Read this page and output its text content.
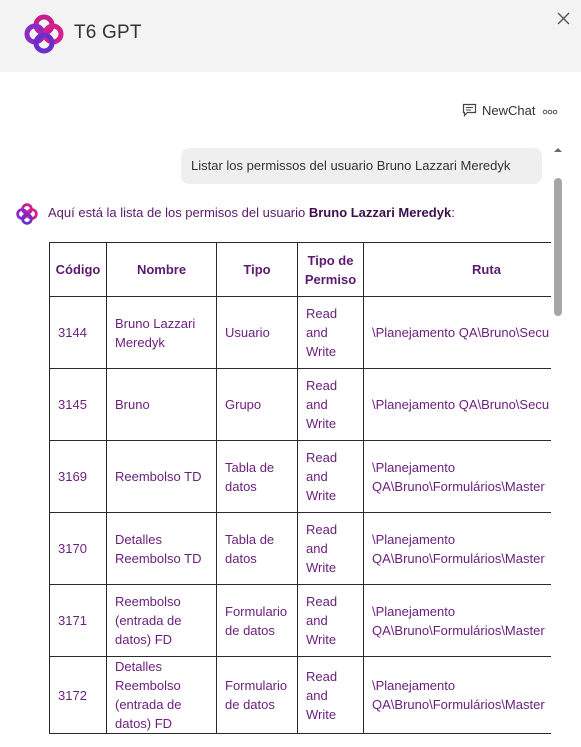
T6 GPT
NewChat
Listar los permissos del usuario Bruno Lazzari Meredyk
Aquí está la lista de los permisos del usuario Bruno Lazzari Meredyk:
Código	Nombre	Tipo	Tipo de Permiso	Ruta
3144	Bruno Lazzari Meredyk	Usuario	Read and Write	\Planejamento QA\Bruno\Secu
3145	Bruno	Grupo	Read and Write	\Planejamento QA\Bruno\Secu
3169	Reembolso TD	Tabla de datos	Read and Write	\Planejamento QA\Bruno\Formulários\Master
3170	Detalles Reembolso TD	Tabla de datos	Read and Write	\Planejamento QA\Bruno\Formulários\Master
3171	Reembolso (entrada de datos) FD	Formulario de datos	Read and Write	\Planejamento QA\Bruno\Formulários\Master
3172	Detalles Reembolso (entrada de datos) FD	Formulario de datos	Read and Write	\Planejamento QA\Bruno\Formulários\Master
